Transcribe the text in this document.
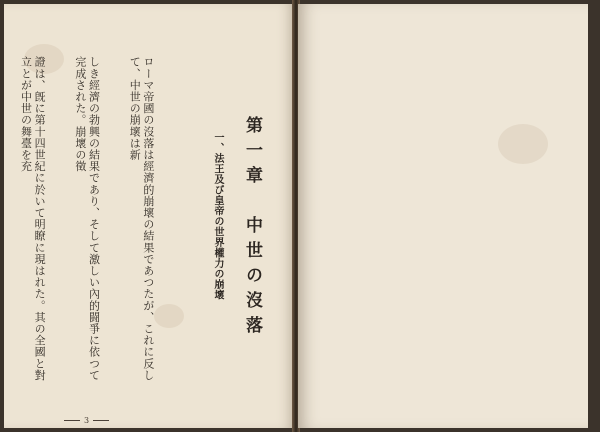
第一章　中世の沒落
一、法王及び皇帝の世界權力の崩壞

ローマ帝國の沒落は經濟的崩壞の結果であつたが、これに反して、中世の崩壞は新

しき經濟の勃興の結果であり、そして激しい內的闘爭に依つて完成された。崩壞の徵

證は、旣に第十四世紀に於いて明瞭に現はれた。其の全國と對立とが中世の舞臺を充

3
